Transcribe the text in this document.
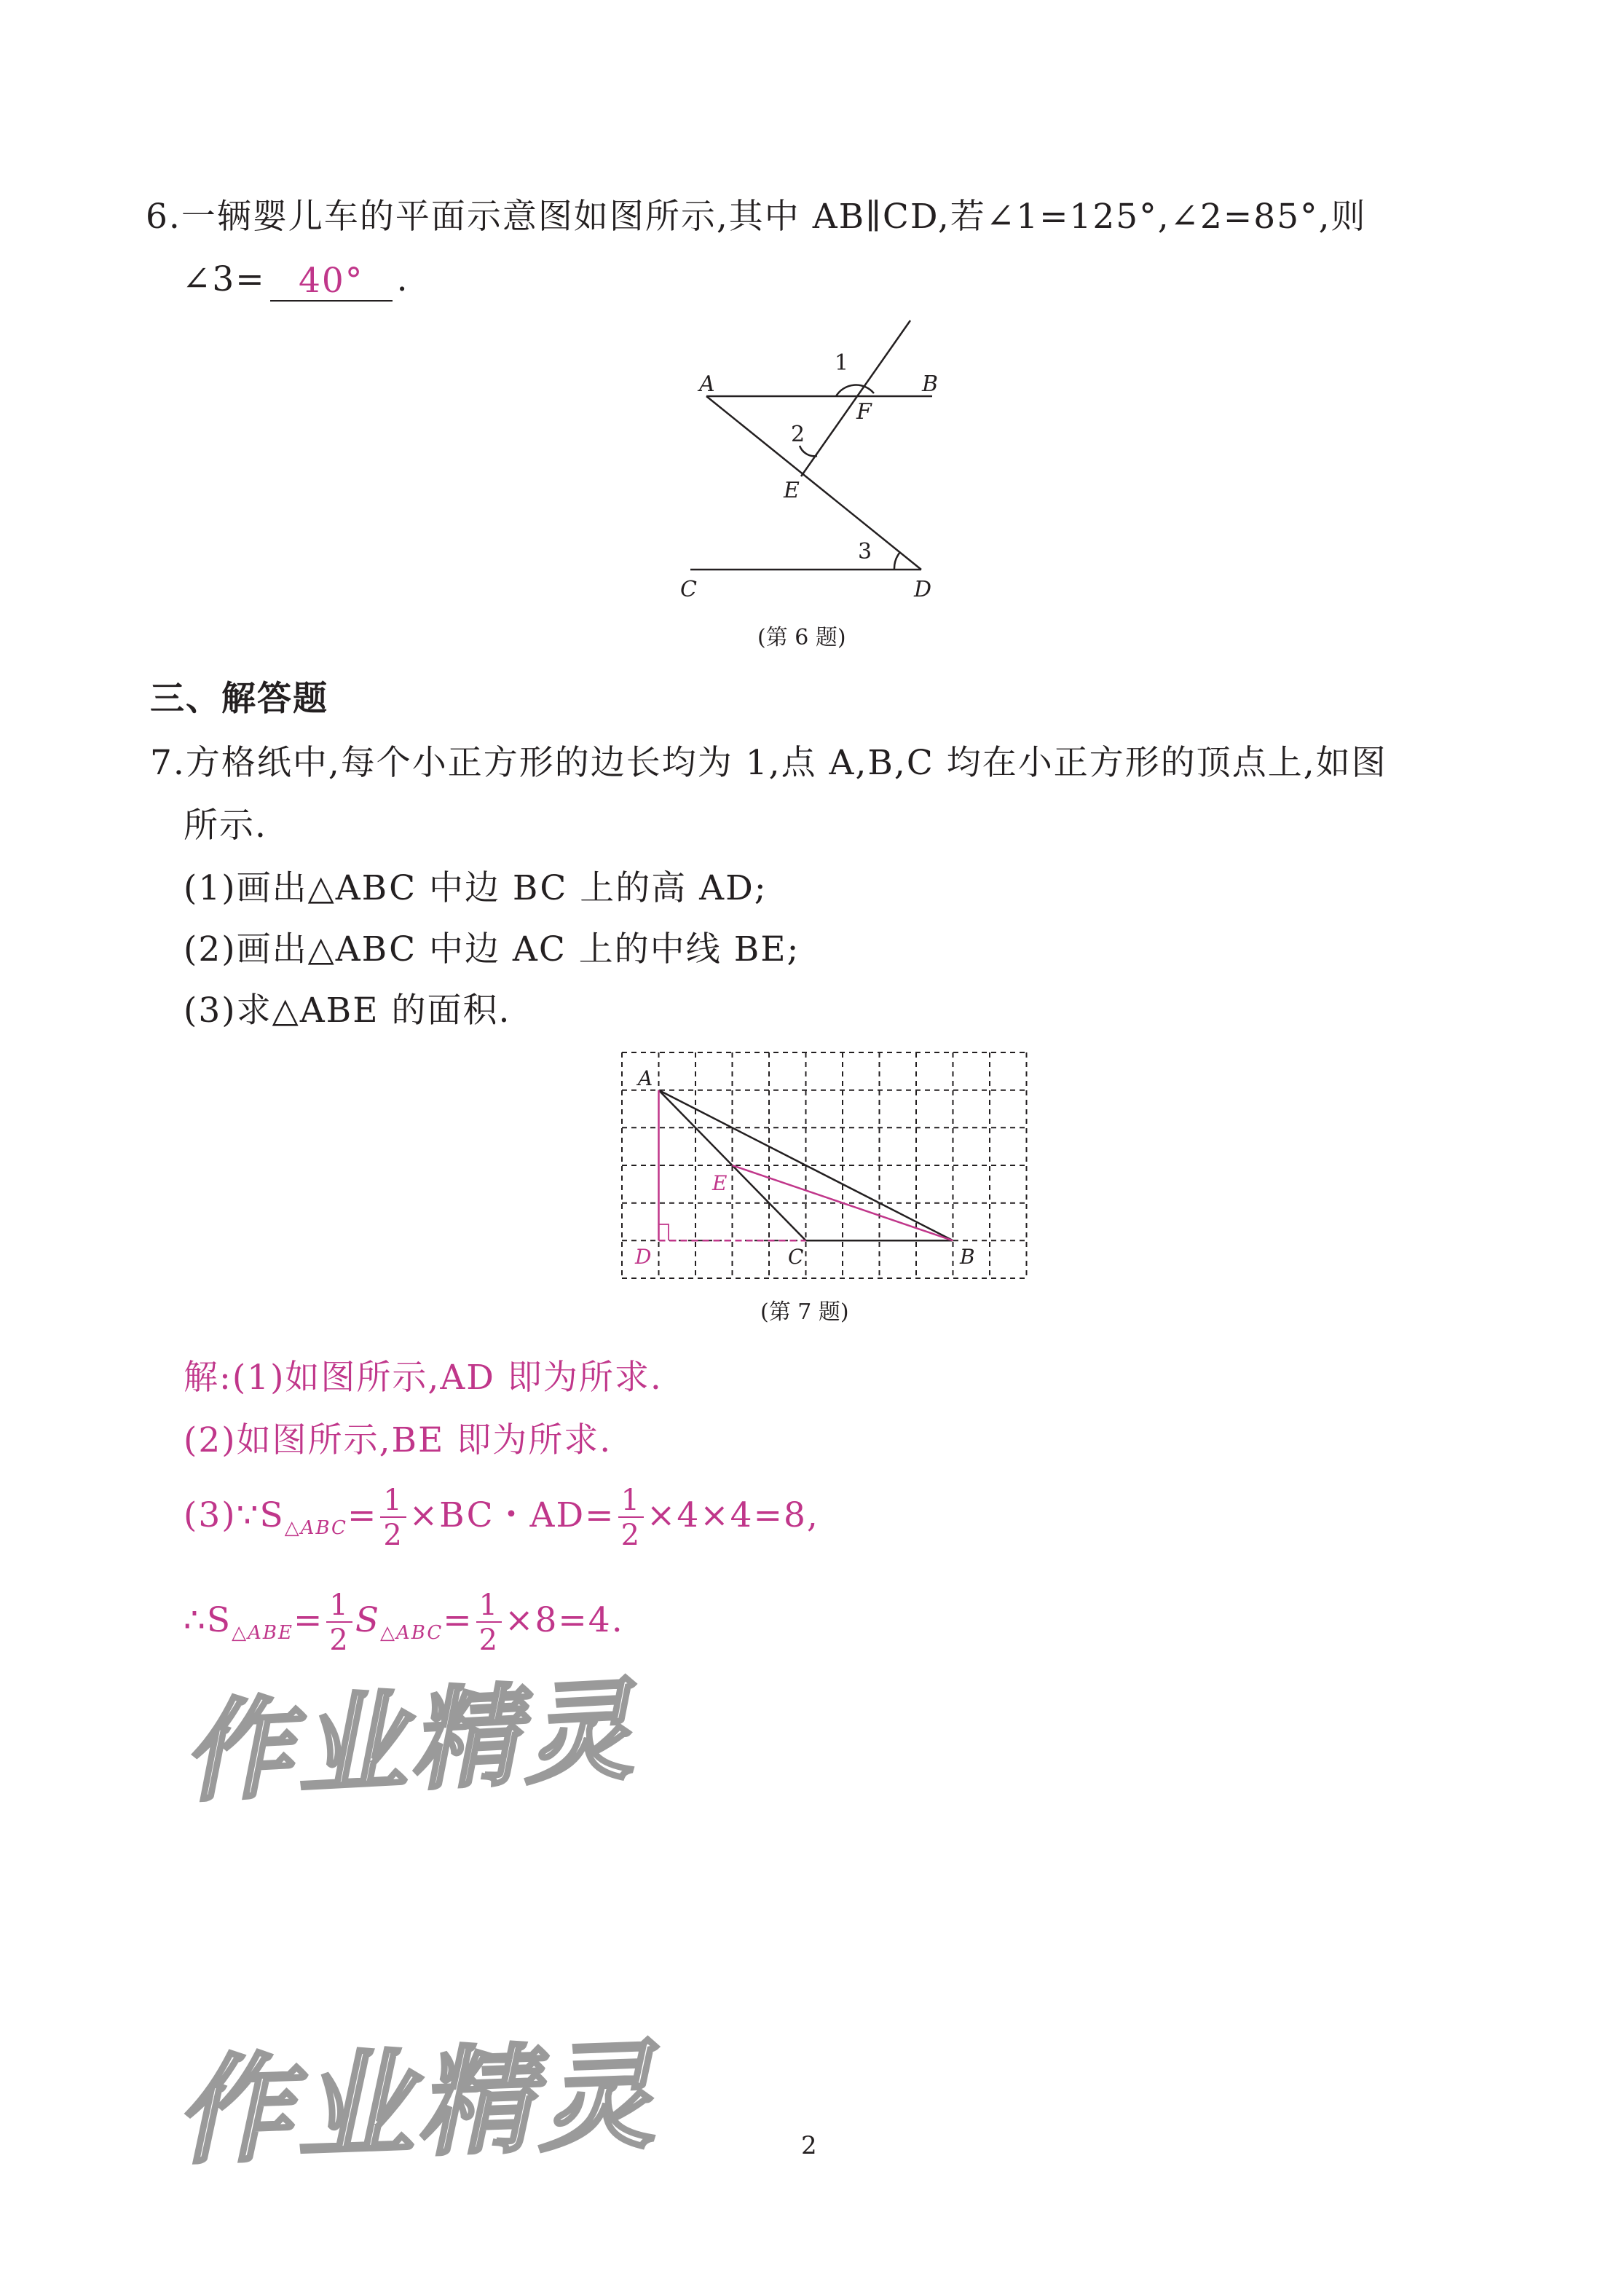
6.一辆婴儿车的平面示意图如图所示,其中 AB∥CD,若∠1=125°,∠2=85°,则
∠3= 40° .
A	B
C	D
E
F
1
2
3
(第 6 题)
三、解答题
7.方格纸中,每个小正方形的边长均为 1,点 A,B,C 均在小正方形的顶点上,如图
所示.
(1)画出△ABC 中边 BC 上的高 AD;
(2)画出△ABC 中边 AC 上的中线 BE;
(3)求△ABE 的面积.
A
B
C
D
E
(第 7 题)
解:(1)如图所示,AD 即为所求.
(2)如图所示,BE 即为所求.
$(3)\because S_{\triangle ABC}= \frac{1}{2} \times BC$・$AD= \frac{1}{2} \times 4\times 4=8$,
$\therefore S_{\triangle ABE}= \frac{1}{2} S_{\triangle ABC}= \frac{1}{2} \times 8=4$.
作业精灵
作业精灵	2
